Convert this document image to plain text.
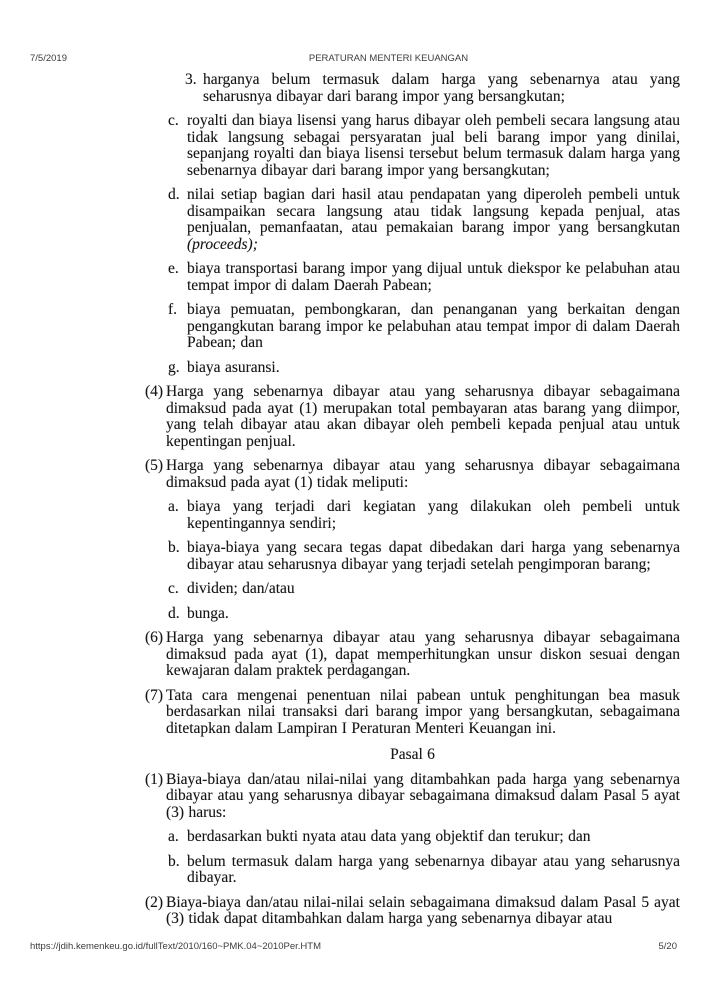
7/5/2019	PERATURAN MENTERI KEUANGAN
3. harganya belum termasuk dalam harga yang sebenarnya atau yang seharusnya dibayar dari barang impor yang bersangkutan;
c. royalti dan biaya lisensi yang harus dibayar oleh pembeli secara langsung atau tidak langsung sebagai persyaratan jual beli barang impor yang dinilai, sepanjang royalti dan biaya lisensi tersebut belum termasuk dalam harga yang sebenarnya dibayar dari barang impor yang bersangkutan;
d. nilai setiap bagian dari hasil atau pendapatan yang diperoleh pembeli untuk disampaikan secara langsung atau tidak langsung kepada penjual, atas penjualan, pemanfaatan, atau pemakaian barang impor yang bersangkutan (proceeds);
e. biaya transportasi barang impor yang dijual untuk diekspor ke pelabuhan atau tempat impor di dalam Daerah Pabean;
f. biaya pemuatan, pembongkaran, dan penanganan yang berkaitan dengan pengangkutan barang impor ke pelabuhan atau tempat impor di dalam Daerah Pabean; dan
g. biaya asuransi.
(4) Harga yang sebenarnya dibayar atau yang seharusnya dibayar sebagaimana dimaksud pada ayat (1) merupakan total pembayaran atas barang yang diimpor, yang telah dibayar atau akan dibayar oleh pembeli kepada penjual atau untuk kepentingan penjual.
(5) Harga yang sebenarnya dibayar atau yang seharusnya dibayar sebagaimana dimaksud pada ayat (1) tidak meliputi:
a. biaya yang terjadi dari kegiatan yang dilakukan oleh pembeli untuk kepentingannya sendiri;
b. biaya-biaya yang secara tegas dapat dibedakan dari harga yang sebenarnya dibayar atau seharusnya dibayar yang terjadi setelah pengimporan barang;
c. dividen; dan/atau
d. bunga.
(6) Harga yang sebenarnya dibayar atau yang seharusnya dibayar sebagaimana dimaksud pada ayat (1), dapat memperhitungkan unsur diskon sesuai dengan kewajaran dalam praktek perdagangan.
(7) Tata cara mengenai penentuan nilai pabean untuk penghitungan bea masuk berdasarkan nilai transaksi dari barang impor yang bersangkutan, sebagaimana ditetapkan dalam Lampiran I Peraturan Menteri Keuangan ini.
Pasal 6
(1) Biaya-biaya dan/atau nilai-nilai yang ditambahkan pada harga yang sebenarnya dibayar atau yang seharusnya dibayar sebagaimana dimaksud dalam Pasal 5 ayat (3) harus:
a. berdasarkan bukti nyata atau data yang objektif dan terukur; dan
b. belum termasuk dalam harga yang sebenarnya dibayar atau yang seharusnya dibayar.
(2) Biaya-biaya dan/atau nilai-nilai selain sebagaimana dimaksud dalam Pasal 5 ayat (3) tidak dapat ditambahkan dalam harga yang sebenarnya dibayar atau
https://jdih.kemenkeu.go.id/fullText/2010/160~PMK.04~2010Per.HTM	5/20
